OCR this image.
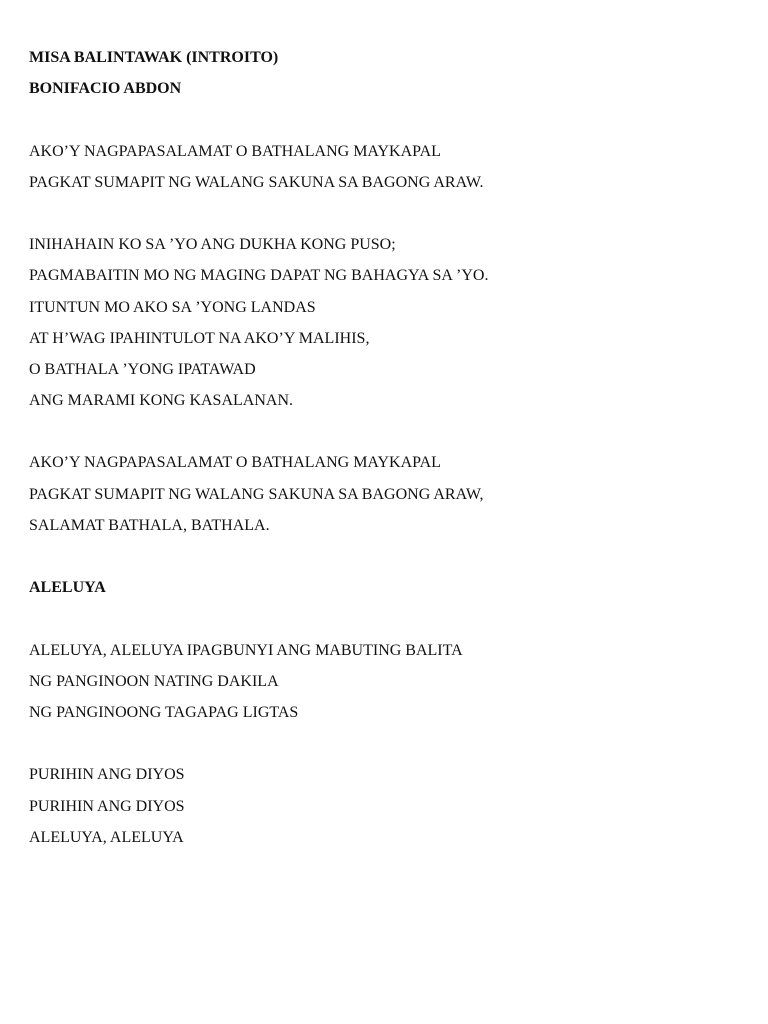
MISA BALINTAWAK (INTROITO)
BONIFACIO ABDON
AKO’Y NAGPAPASALAMAT O BATHALANG MAYKAPAL
PAGKAT SUMAPIT NG WALANG SAKUNA SA BAGONG ARAW.
INIHAHAIN KO SA ’YO ANG DUKHA KONG PUSO;
PAGMABAITIN MO NG MAGING DAPAT NG BAHAGYA SA ’YO.
ITUNTUN MO AKO SA ’YONG LANDAS
AT H’WAG IPAHINTULOT NA AKO’Y MALIHIS,
O BATHALA ’YONG IPATAWAD
ANG MARAMI KONG KASALANAN.
AKO’Y NAGPAPASALAMAT O BATHALANG MAYKAPAL
PAGKAT SUMAPIT NG WALANG SAKUNA SA BAGONG ARAW,
SALAMAT BATHALA, BATHALA.
ALELUYA
ALELUYA, ALELUYA IPAGBUNYI ANG MABUTING BALITA
NG PANGINOON NATING DAKILA
NG PANGINOONG TAGAPAG LIGTAS
PURIHIN ANG DIYOS
PURIHIN ANG DIYOS
ALELUYA, ALELUYA
